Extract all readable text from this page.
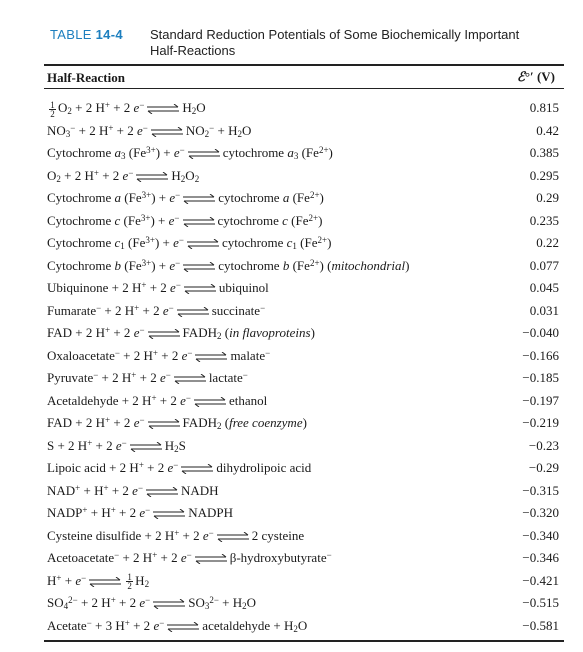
TABLE 14-4 Standard Reduction Potentials of Some Biochemically Important Half-Reactions
Half-Reaction	ℰ°′ (V)
$\frac{1}{2} O_2 + 2$ H+ + 2 e− ⇌ $H_2O$	0.815
$NO_3^- + 2$ H+ + 2 e− ⇌ $NO_2^- + H_2O$	0.42
Cytochrome $a_3$ $(Fe^{3+}) + e^-$ ⇌ cytochrome $a_3$ $(Fe^{2+})$	0.385
$O_2 + 2$ H+ + 2 e− ⇌ $H_2O_2$	0.295
Cytochrome a $(Fe^{3+}) + e^-$ ⇌ cytochrome a $(Fe^{2+})$	0.29
Cytochrome c $(Fe^{3+}) + e^-$ ⇌ cytochrome c $(Fe^{2+})$	0.235
Cytochrome $c_1$ $(Fe^{3+}) + e^-$ ⇌ cytochrome $c_1$ $(Fe^{2+})$	0.22
Cytochrome b $(Fe^{3+}) + e^-$ ⇌ cytochrome b $(Fe^{2+})$ (mitochondrial)	0.077
Ubiquinone + 2 H+ + 2 e− ⇌ ubiquinol	0.045
Fumarate− + 2 H+ + 2 e− ⇌ succinate−	0.031
FAD + 2 H+ + 2 e− ⇌ $FADH_2$ (in flavoproteins)	−0.040
Oxaloacetate− + 2 H+ + 2 e− ⇌ malate−	−0.166
Pyruvate− + 2 H+ + 2 e− ⇌ lactate−	−0.185
Acetaldehyde + 2 H+ + 2 e− ⇌ ethanol	−0.197
FAD + 2 H+ + 2 e− ⇌ $FADH_2$ (free coenzyme)	−0.219
S + 2 H+ + 2 e− ⇌ $H_2S$	−0.23
Lipoic acid + 2 H+ + 2 e− ⇌ dihydrolipoic acid	−0.29
NAD+ + H+ + 2 e− ⇌ NADH	−0.315
NADP+ + H+ + 2 e− ⇌ NADPH	−0.320
Cysteine disulfide + 2 H+ + 2 e− ⇌ 2 cysteine	−0.340
Acetoacetate− + 2 H+ + 2 e− ⇌ β-hydroxybutyrate−	−0.346
H+ + e− ⇌ $\frac{1}{2} H_2$	−0.421
$SO_4^{2-} + 2$ H+ + 2 e− ⇌ $SO_3^{2-} + H_2O$	−0.515
Acetate− + 3 H+ + 2 e− ⇌ acetaldehyde + $H_2O$	−0.581
